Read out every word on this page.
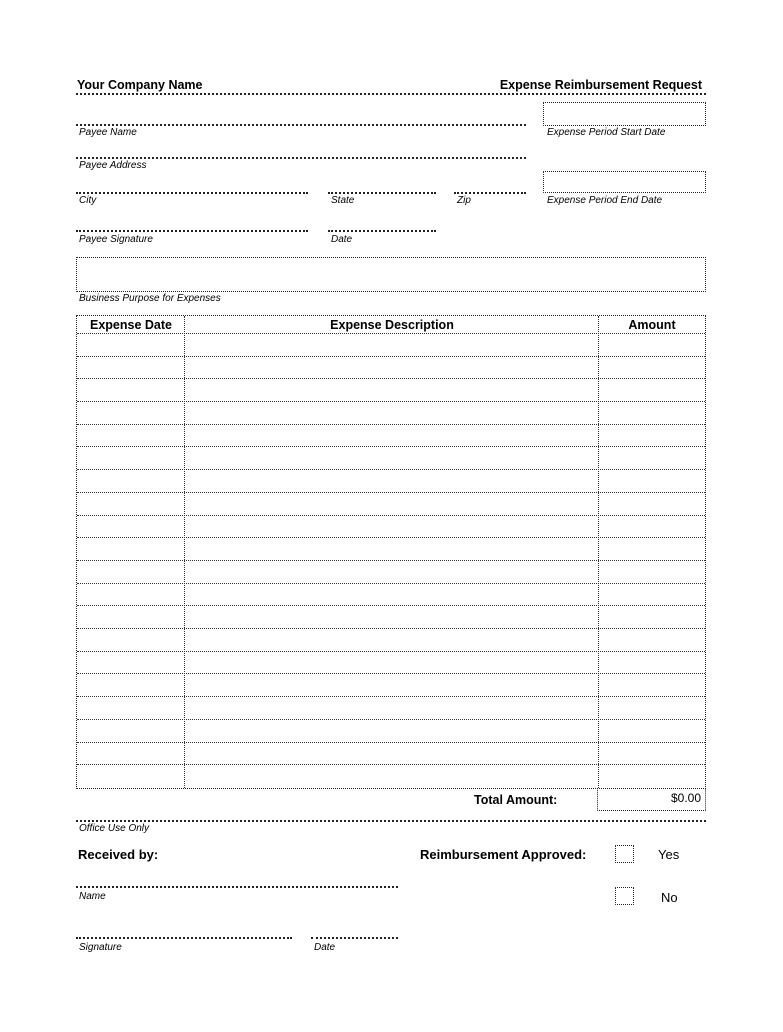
Your Company Name	Expense Reimbursement Request
Payee Name	Expense Period Start Date
Payee Address
City	State	Zip	Expense Period End Date
Payee Signature	Date
Business Purpose for Expenses
Expense Date	Expense Description	Amount
Total Amount:	$0.00
Office Use Only
Received by:	Reimbursement Approved:	Yes
No
Name
Signature	Date
